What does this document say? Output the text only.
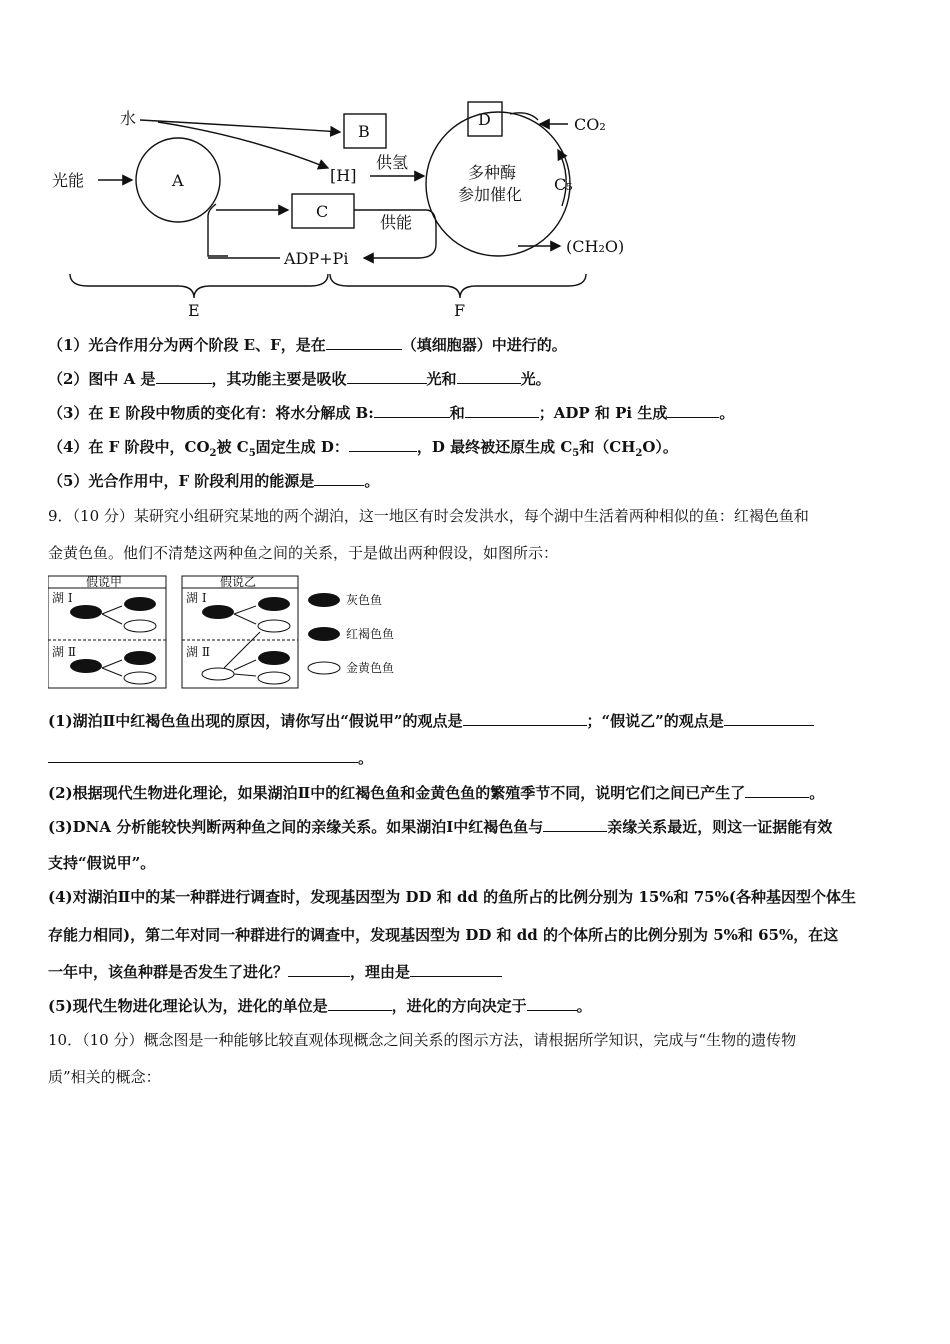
水
光能	A
B
[H]
供氢
C
供能
ADP+Pi
D	CO₂
多种酶
参加催化
C₅
(CH₂O)
E	F
（1）光合作用分为两个阶段 E、F，是在	（填细胞器）中进行的。
（2）图中 A 是	，其功能主要是吸收	光和	光。
（3）在 E 阶段中物质的变化有：将水分解成 B:	和	；ADP 和 Pi 生成	。
（4）在 F 阶段中，$CO_2$被 $C_5$固定生成 D：	，D 最终被还原生成 $C_5$和$(CH_2O)$。
（5）光合作用中，F 阶段利用的能源是	。
9．（10 分）某研究小组研究某地的两个湖泊，这一地区有时会发洪水，每个湖中生活着两种相似的鱼：红褐色鱼和
金黄色鱼。他们不清楚这两种鱼之间的关系，于是做出两种假设，如图所示：
假说甲	假说乙
湖 Ⅰ
湖 Ⅱ
湖 Ⅰ
湖 Ⅱ
灰色鱼
红褐色鱼
金黄色鱼
(1)湖泊Ⅱ中红褐色鱼出现的原因，请你写出“假说甲”的观点是	；“假说乙”的观点是
。
(2)根据现代生物进化理论，如果湖泊Ⅱ中的红褐色鱼和金黄色鱼的繁殖季节不同，说明它们之间已产生了	。
(3)DNA 分析能较快判断两种鱼之间的亲缘关系。如果湖泊Ⅰ中红褐色鱼与	亲缘关系最近，则这一证据能有效
支持“假说甲”。
(4)对湖泊Ⅱ中的某一种群进行调查时，发现基因型为 DD 和 dd 的鱼所占的比例分别为 15%和 75%(各种基因型个体生
存能力相同)，第二年对同一种群进行的调查中，发现基因型为 DD 和 dd 的个体所占的比例分别为 5%和 65%，在这
一年中，该鱼种群是否发生了进化？	，理由是
(5)现代生物进化理论认为，进化的单位是	，进化的方向决定于	。
10．（10 分）概念图是一种能够比较直观体现概念之间关系的图示方法，请根据所学知识，完成与“生物的遗传物
质”相关的概念：
